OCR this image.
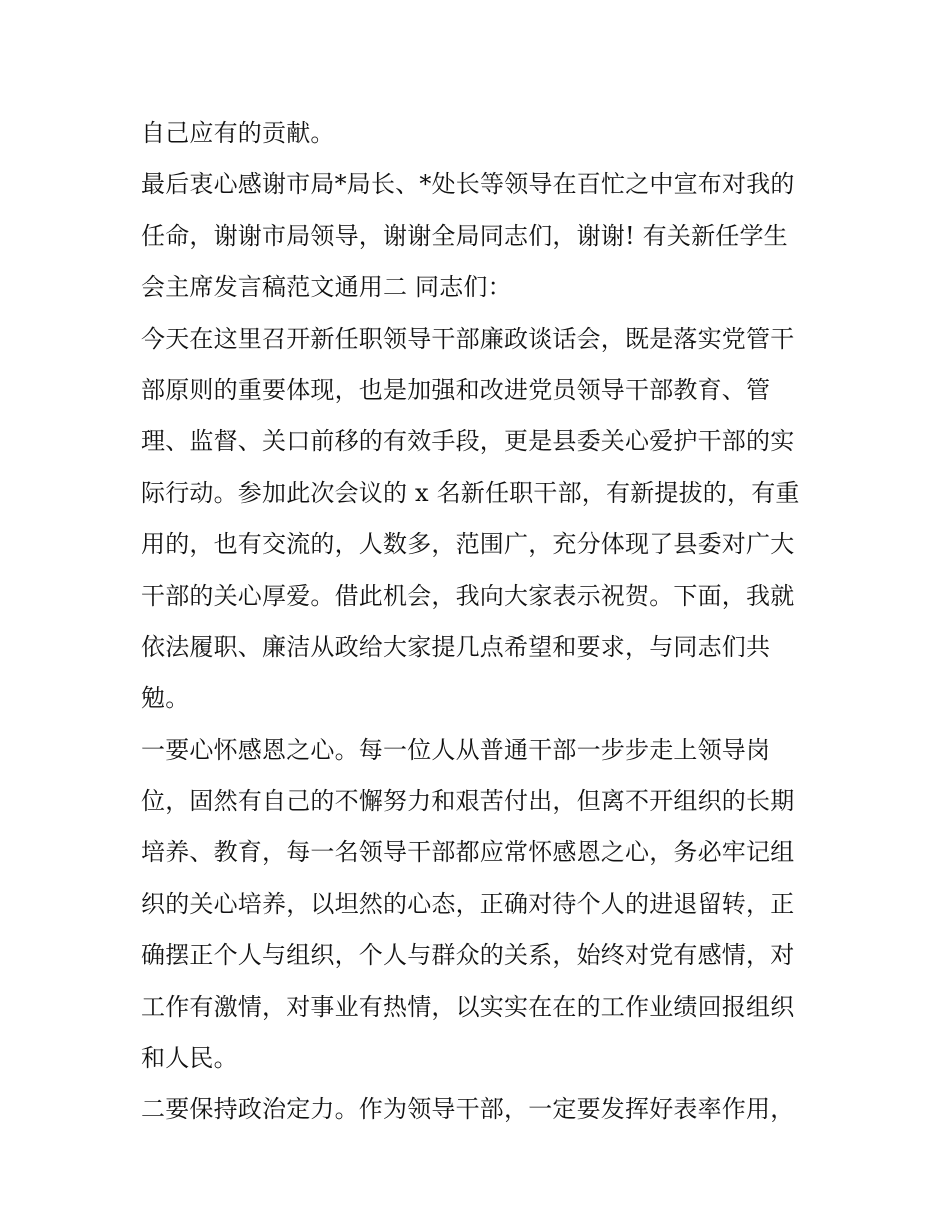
自己应有的贡献。
最后衷心感谢市局*局长、*处长等领导在百忙之中宣布对我的
任命，谢谢市局领导，谢谢全局同志们，谢谢! 有关新任学生
会主席发言稿范文通用二 同志们：
今天在这里召开新任职领导干部廉政谈话会，既是落实党管干
部原则的重要体现，也是加强和改进党员领导干部教育、管
理、监督、关口前移的有效手段，更是县委关心爱护干部的实
际行动。参加此次会议的 x 名新任职干部，有新提拔的，有重
用的，也有交流的，人数多，范围广，充分体现了县委对广大
干部的关心厚爱。借此机会，我向大家表示祝贺。下面，我就
依法履职、廉洁从政给大家提几点希望和要求，与同志们共
勉。
一要心怀感恩之心。每一位人从普通干部一步步走上领导岗
位，固然有自己的不懈努力和艰苦付出，但离不开组织的长期
培养、教育，每一名领导干部都应常怀感恩之心，务必牢记组
织的关心培养，以坦然的心态，正确对待个人的进退留转，正
确摆正个人与组织，个人与群众的关系，始终对党有感情，对
工作有激情，对事业有热情，以实实在在的工作业绩回报组织
和人民。
二要保持政治定力。作为领导干部，一定要发挥好表率作用，
